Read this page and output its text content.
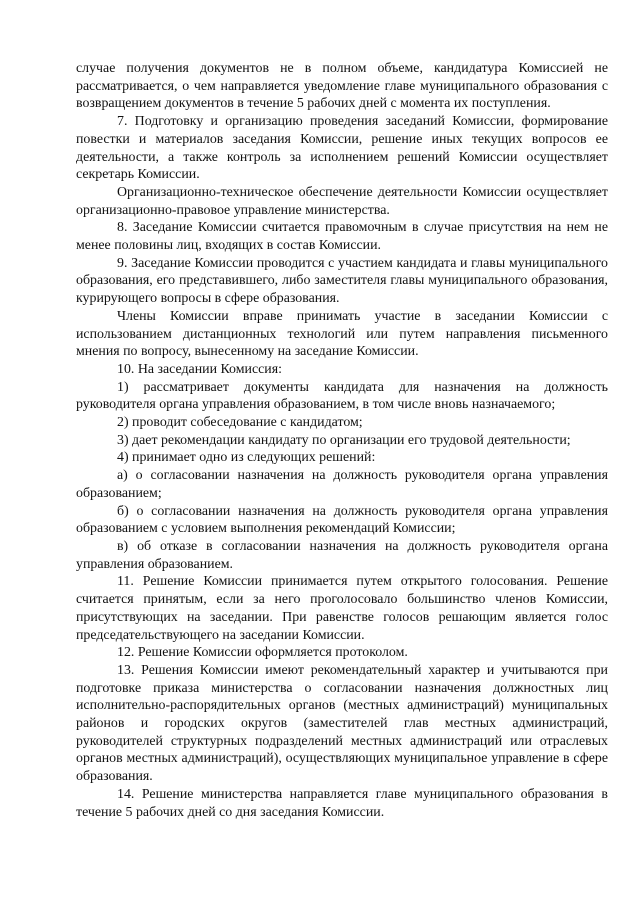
случае получения документов не в полном объеме, кандидатура Комиссией не рассматривается, о чем направляется уведомление главе муниципального образования с возвращением документов в течение 5 рабочих дней с момента их поступления.

7. Подготовку и организацию проведения заседаний Комиссии, формирование повестки и материалов заседания Комиссии, решение иных текущих вопросов ее деятельности, а также контроль за исполнением решений Комиссии осуществляет секретарь Комиссии.

Организационно-техническое обеспечение деятельности Комиссии осуществляет организационно-правовое управление министерства.

8. Заседание Комиссии считается правомочным в случае присутствия на нем не менее половины лиц, входящих в состав Комиссии.

9. Заседание Комиссии проводится с участием кандидата и главы муниципального образования, его представившего, либо заместителя главы муниципального образования, курирующего вопросы в сфере образования.

Члены Комиссии вправе принимать участие в заседании Комиссии с использованием дистанционных технологий или путем направления письменного мнения по вопросу, вынесенному на заседание Комиссии.

10. На заседании Комиссия:

1) рассматривает документы кандидата для назначения на должность руководителя органа управления образованием, в том числе вновь назначаемого;

2) проводит собеседование с кандидатом;

3) дает рекомендации кандидату по организации его трудовой деятельности;

4) принимает одно из следующих решений:

а) о согласовании назначения на должность руководителя органа управления образованием;

б) о согласовании назначения на должность руководителя органа управления образованием с условием выполнения рекомендаций Комиссии;

в) об отказе в согласовании назначения на должность руководителя органа управления образованием.

11. Решение Комиссии принимается путем открытого голосования. Решение считается принятым, если за него проголосовало большинство членов Комиссии, присутствующих на заседании. При равенстве голосов решающим является голос председательствующего на заседании Комиссии.

12. Решение Комиссии оформляется протоколом.

13. Решения Комиссии имеют рекомендательный характер и учитываются при подготовке приказа министерства о согласовании назначения должностных лиц исполнительно-распорядительных органов (местных администраций) муниципальных районов и городских округов (заместителей глав местных администраций, руководителей структурных подразделений местных администраций или отраслевых органов местных администраций), осуществляющих муниципальное управление в сфере образования.

14. Решение министерства направляется главе муниципального образования в течение 5 рабочих дней со дня заседания Комиссии.
